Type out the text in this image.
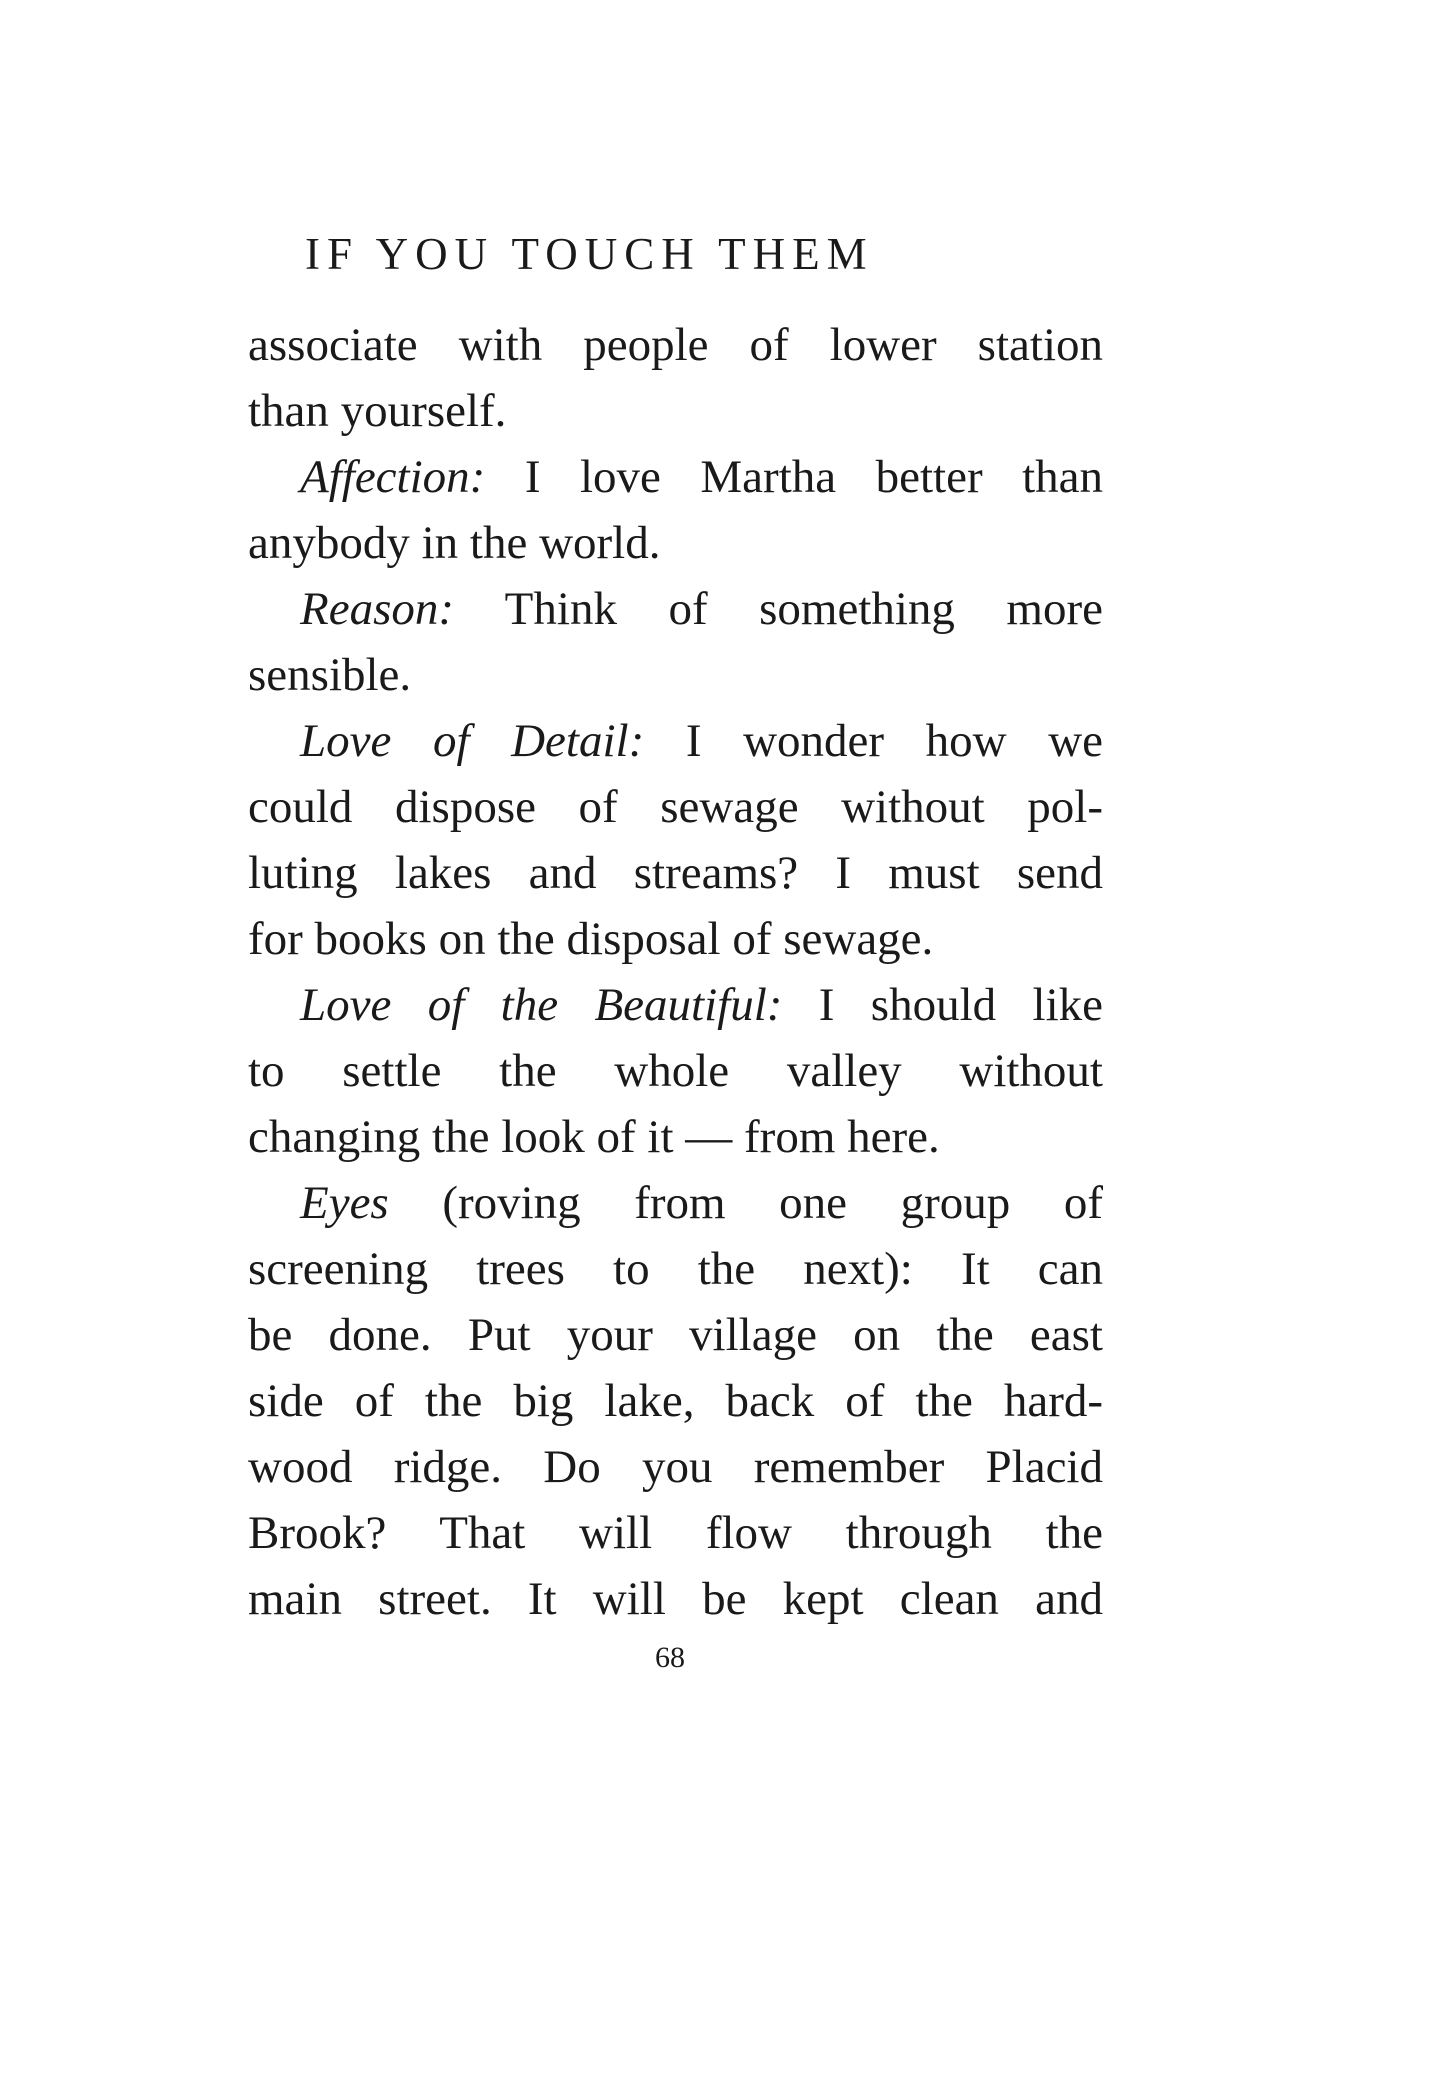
IF YOU TOUCH THEM
associate with people of lower station
than yourself.
Affection: I love Martha better than
anybody in the world.
Reason: Think of something more
sensible.
Love of Detail: I wonder how we
could dispose of sewage without pol-
luting lakes and streams? I must send
for books on the disposal of sewage.
Love of the Beautiful: I should like
to settle the whole valley without
changing the look of it — from here.
Eyes (roving from one group of
screening trees to the next): It can
be done. Put your village on the east
side of the big lake, back of the hard-
wood ridge. Do you remember Placid
Brook? That will flow through the
main street. It will be kept clean and
68
